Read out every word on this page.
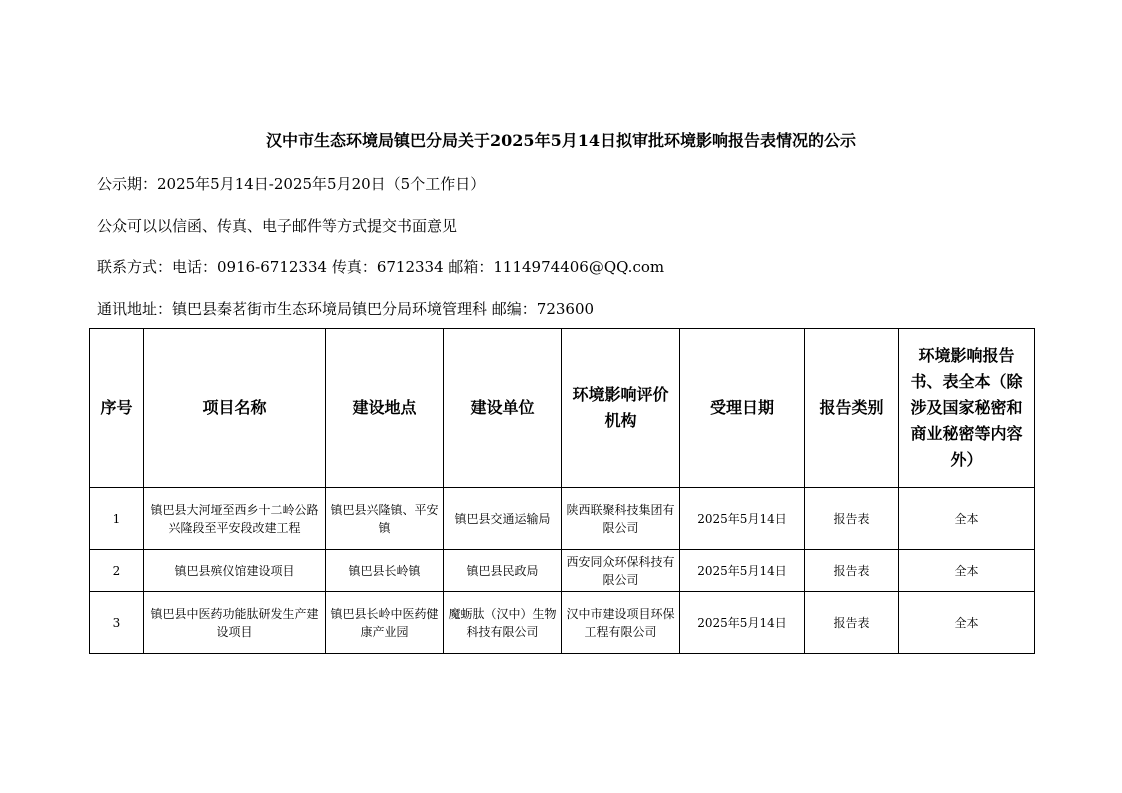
汉中市生态环境局镇巴分局关于2025年5月14日拟审批环境影响报告表情况的公示
公示期：2025年5月14日-2025年5月20日（5个工作日）
公众可以以信函、传真、电子邮件等方式提交书面意见
联系方式：电话：0916-6712334 传真：6712334 邮箱：1114974406@QQ.com
通讯地址：镇巴县秦茗街市生态环境局镇巴分局环境管理科 邮编：723600
序号	项目名称	建设地点	建设单位	环境影响评价机构	受理日期	报告类别	环境影响报告书、表全本（除涉及国家秘密和商业秘密等内容外）
1	镇巴县大河垭至西乡十二岭公路兴隆段至平安段改建工程	镇巴县兴隆镇、平安镇	镇巴县交通运输局	陕西联聚科技集团有限公司	2025年5月14日	报告表	全本
2	镇巴县殡仪馆建设项目	镇巴县长岭镇	镇巴县民政局	西安同众环保科技有限公司	2025年5月14日	报告表	全本
3	镇巴县中医药功能肽研发生产建设项目	镇巴县长岭中医药健康产业园	魔蛎肽（汉中）生物科技有限公司	汉中市建设项目环保工程有限公司	2025年5月14日	报告表	全本
